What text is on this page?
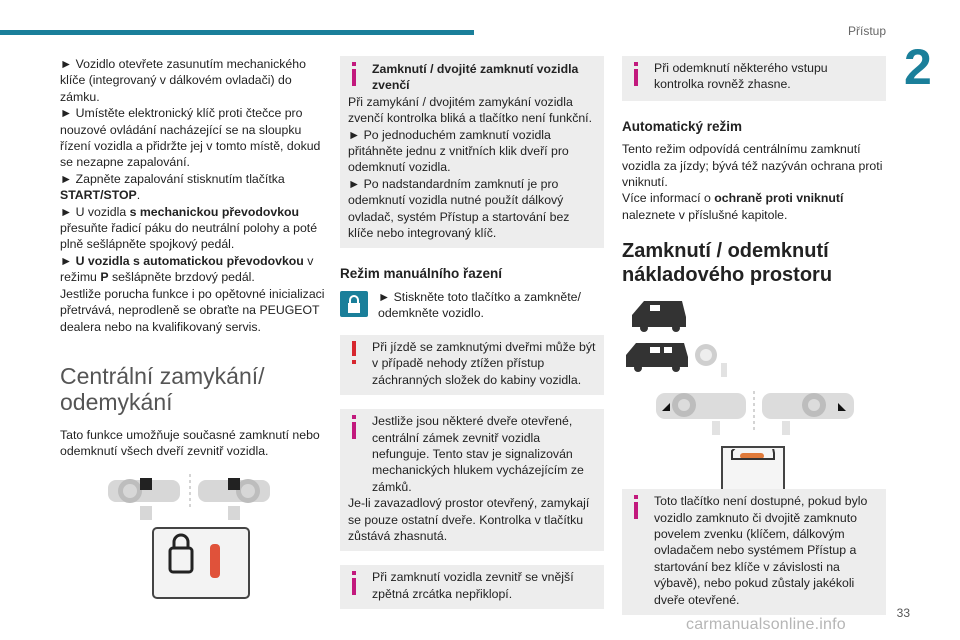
Přístup
2

► Vozidlo otevřete zasunutím mechanického klíče (integrovaný v dálkovém ovladači) do zámku.

► Umístěte elektronický klíč proti čtečce pro nouzové ovládání nacházející se na sloupku řízení vozidla a přidržte jej v tomto místě, dokud se nezapne zapalování.

► Zapněte zapalování stisknutím tlačítka START/STOP.

► U vozidla s mechanickou převodovkou přesuňte řadicí páku do neutrální polohy a poté plně sešlápněte spojkový pedál.

► U vozidla s automatickou převodovkou v režimu P sešlápněte brzdový pedál.

Jestliže porucha funkce i po opětovné inicializaci přetrvává, neprodleně se obraťte na PEUGEOT dealera nebo na kvalifikovaný servis.

Centrální zamykání/ odemykání

Tato funkce umožňuje současné zamknutí nebo odemknutí všech dveří zevnitř vozidla.

Zamknutí / dvojité zamknutí vozidla zvenčí
Při zamykání / dvojitém zamykání vozidla zvenčí kontrolka bliká a tlačítko není funkční.
► Po jednoduchém zamknutí vozidla přitáhněte jednu z vnitřních klik dveří pro odemknutí vozidla.
► Po nadstandardním zamknutí je pro odemknutí vozidla nutné použít dálkový ovladač, systém Přístup a startování bez klíče nebo integrovaný klíč.
Režim manuálního řazení
► Stiskněte toto tlačítko a zamkněte/ odemkněte vozidlo.
Při jízdě se zamknutými dveřmi může být v případě nehody ztížen přístup záchranných složek do kabiny vozidla.
Jestliže jsou některé dveře otevřené, centrální zámek zevnitř vozidla nefunguje. Tento stav je signalizován mechanických hlukem vycházejícím ze zámků.
Je-li zavazadlový prostor otevřený, zamykají se pouze ostatní dveře. Kontrolka v tlačítku zůstává zhasnutá.
Při zamknutí vozidla zevnitř se vnější zpětná zrcátka nepřiklopí.
Při odemknutí některého vstupu kontrolka rovněž zhasne.
Automatický režim

Tento režim odpovídá centrálnímu zamknutí vozidla za jízdy; bývá též nazýván ochrana proti vniknutí.

Více informací o ochraně proti vniknutí naleznete v příslušné kapitole.

Zamknutí / odemknutí nákladového prostoru
Toto tlačítko není dostupné, pokud bylo vozidlo zamknuto či dvojitě zamknuto povelem zvenku (klíčem, dálkovým ovladačem nebo systémem Přístup a startování bez klíče v závislosti na výbavě), nebo pokud zůstaly jakékoli dveře otevřené.
33
carmanualsonline.info
